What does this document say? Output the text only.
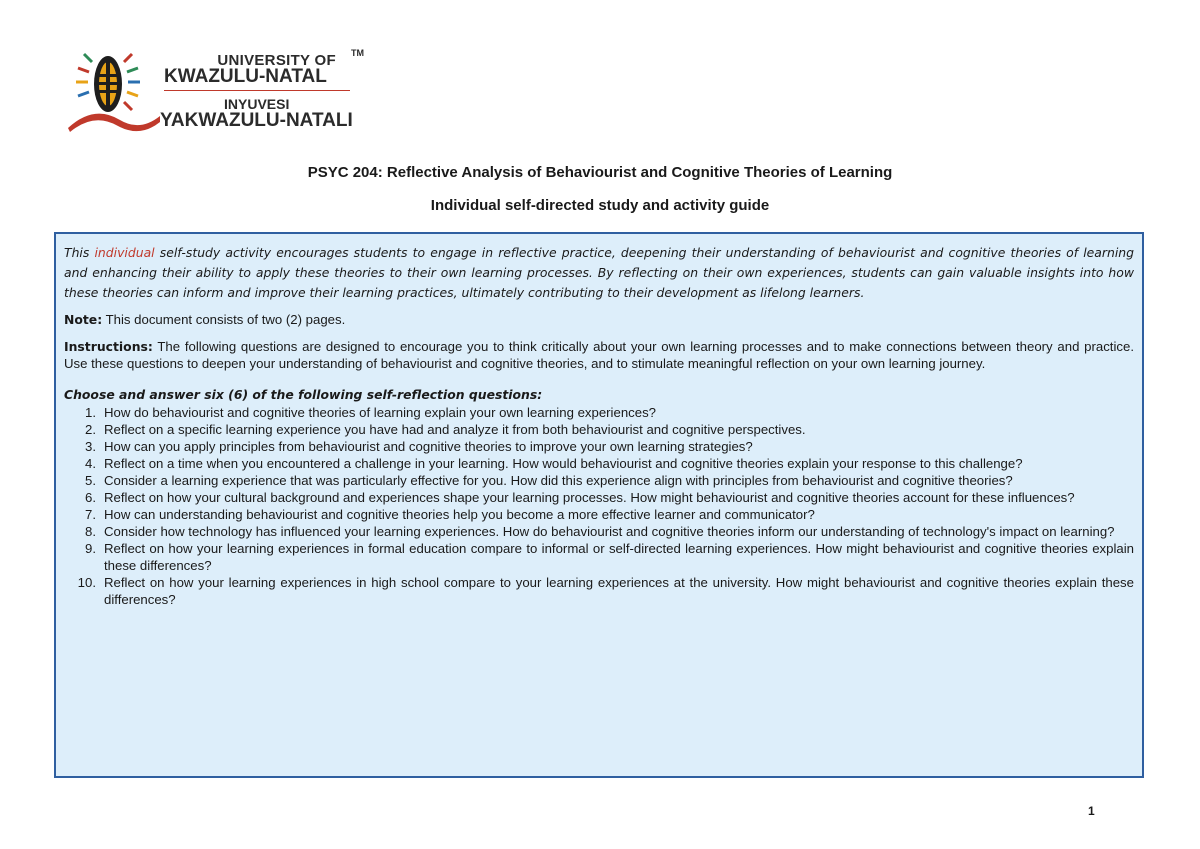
UNIVERSITY OF TM
KWAZULU-NATAL
INYUVESI
YAKWAZULU-NATALI
PSYC 204: Reflective Analysis of Behaviourist and Cognitive Theories of Learning
Individual self-directed study and activity guide

This individual self-study activity encourages students to engage in reflective practice, deepening their understanding of behaviourist and cognitive theories of learning and enhancing their ability to apply these theories to their own learning processes. By reflecting on their own experiences, students can gain valuable insights into how these theories can inform and improve their learning practices, ultimately contributing to their development as lifelong learners.

Note: This document consists of two (2) pages.

Instructions: The following questions are designed to encourage you to think critically about your own learning processes and to make connections between theory and practice. Use these questions to deepen your understanding of behaviourist and cognitive theories, and to stimulate meaningful reflection on your own learning journey.

Choose and answer six (6) of the following self-reflection questions:

1. How do behaviourist and cognitive theories of learning explain your own learning experiences?
2. Reflect on a specific learning experience you have had and analyze it from both behaviourist and cognitive perspectives.
3. How can you apply principles from behaviourist and cognitive theories to improve your own learning strategies?
4. Reflect on a time when you encountered a challenge in your learning. How would behaviourist and cognitive theories explain your response to this challenge?
5. Consider a learning experience that was particularly effective for you. How did this experience align with principles from behaviourist and cognitive theories?
6. Reflect on how your cultural background and experiences shape your learning processes. How might behaviourist and cognitive theories account for these influences?
7. How can understanding behaviourist and cognitive theories help you become a more effective learner and communicator?
8. Consider how technology has influenced your learning experiences. How do behaviourist and cognitive theories inform our understanding of technology's impact on learning?
9. Reflect on how your learning experiences in formal education compare to informal or self-directed learning experiences. How might behaviourist and cognitive theories explain these differences?
10. Reflect on how your learning experiences in high school compare to your learning experiences at the university. How might behaviourist and cognitive theories explain these differences?
1
